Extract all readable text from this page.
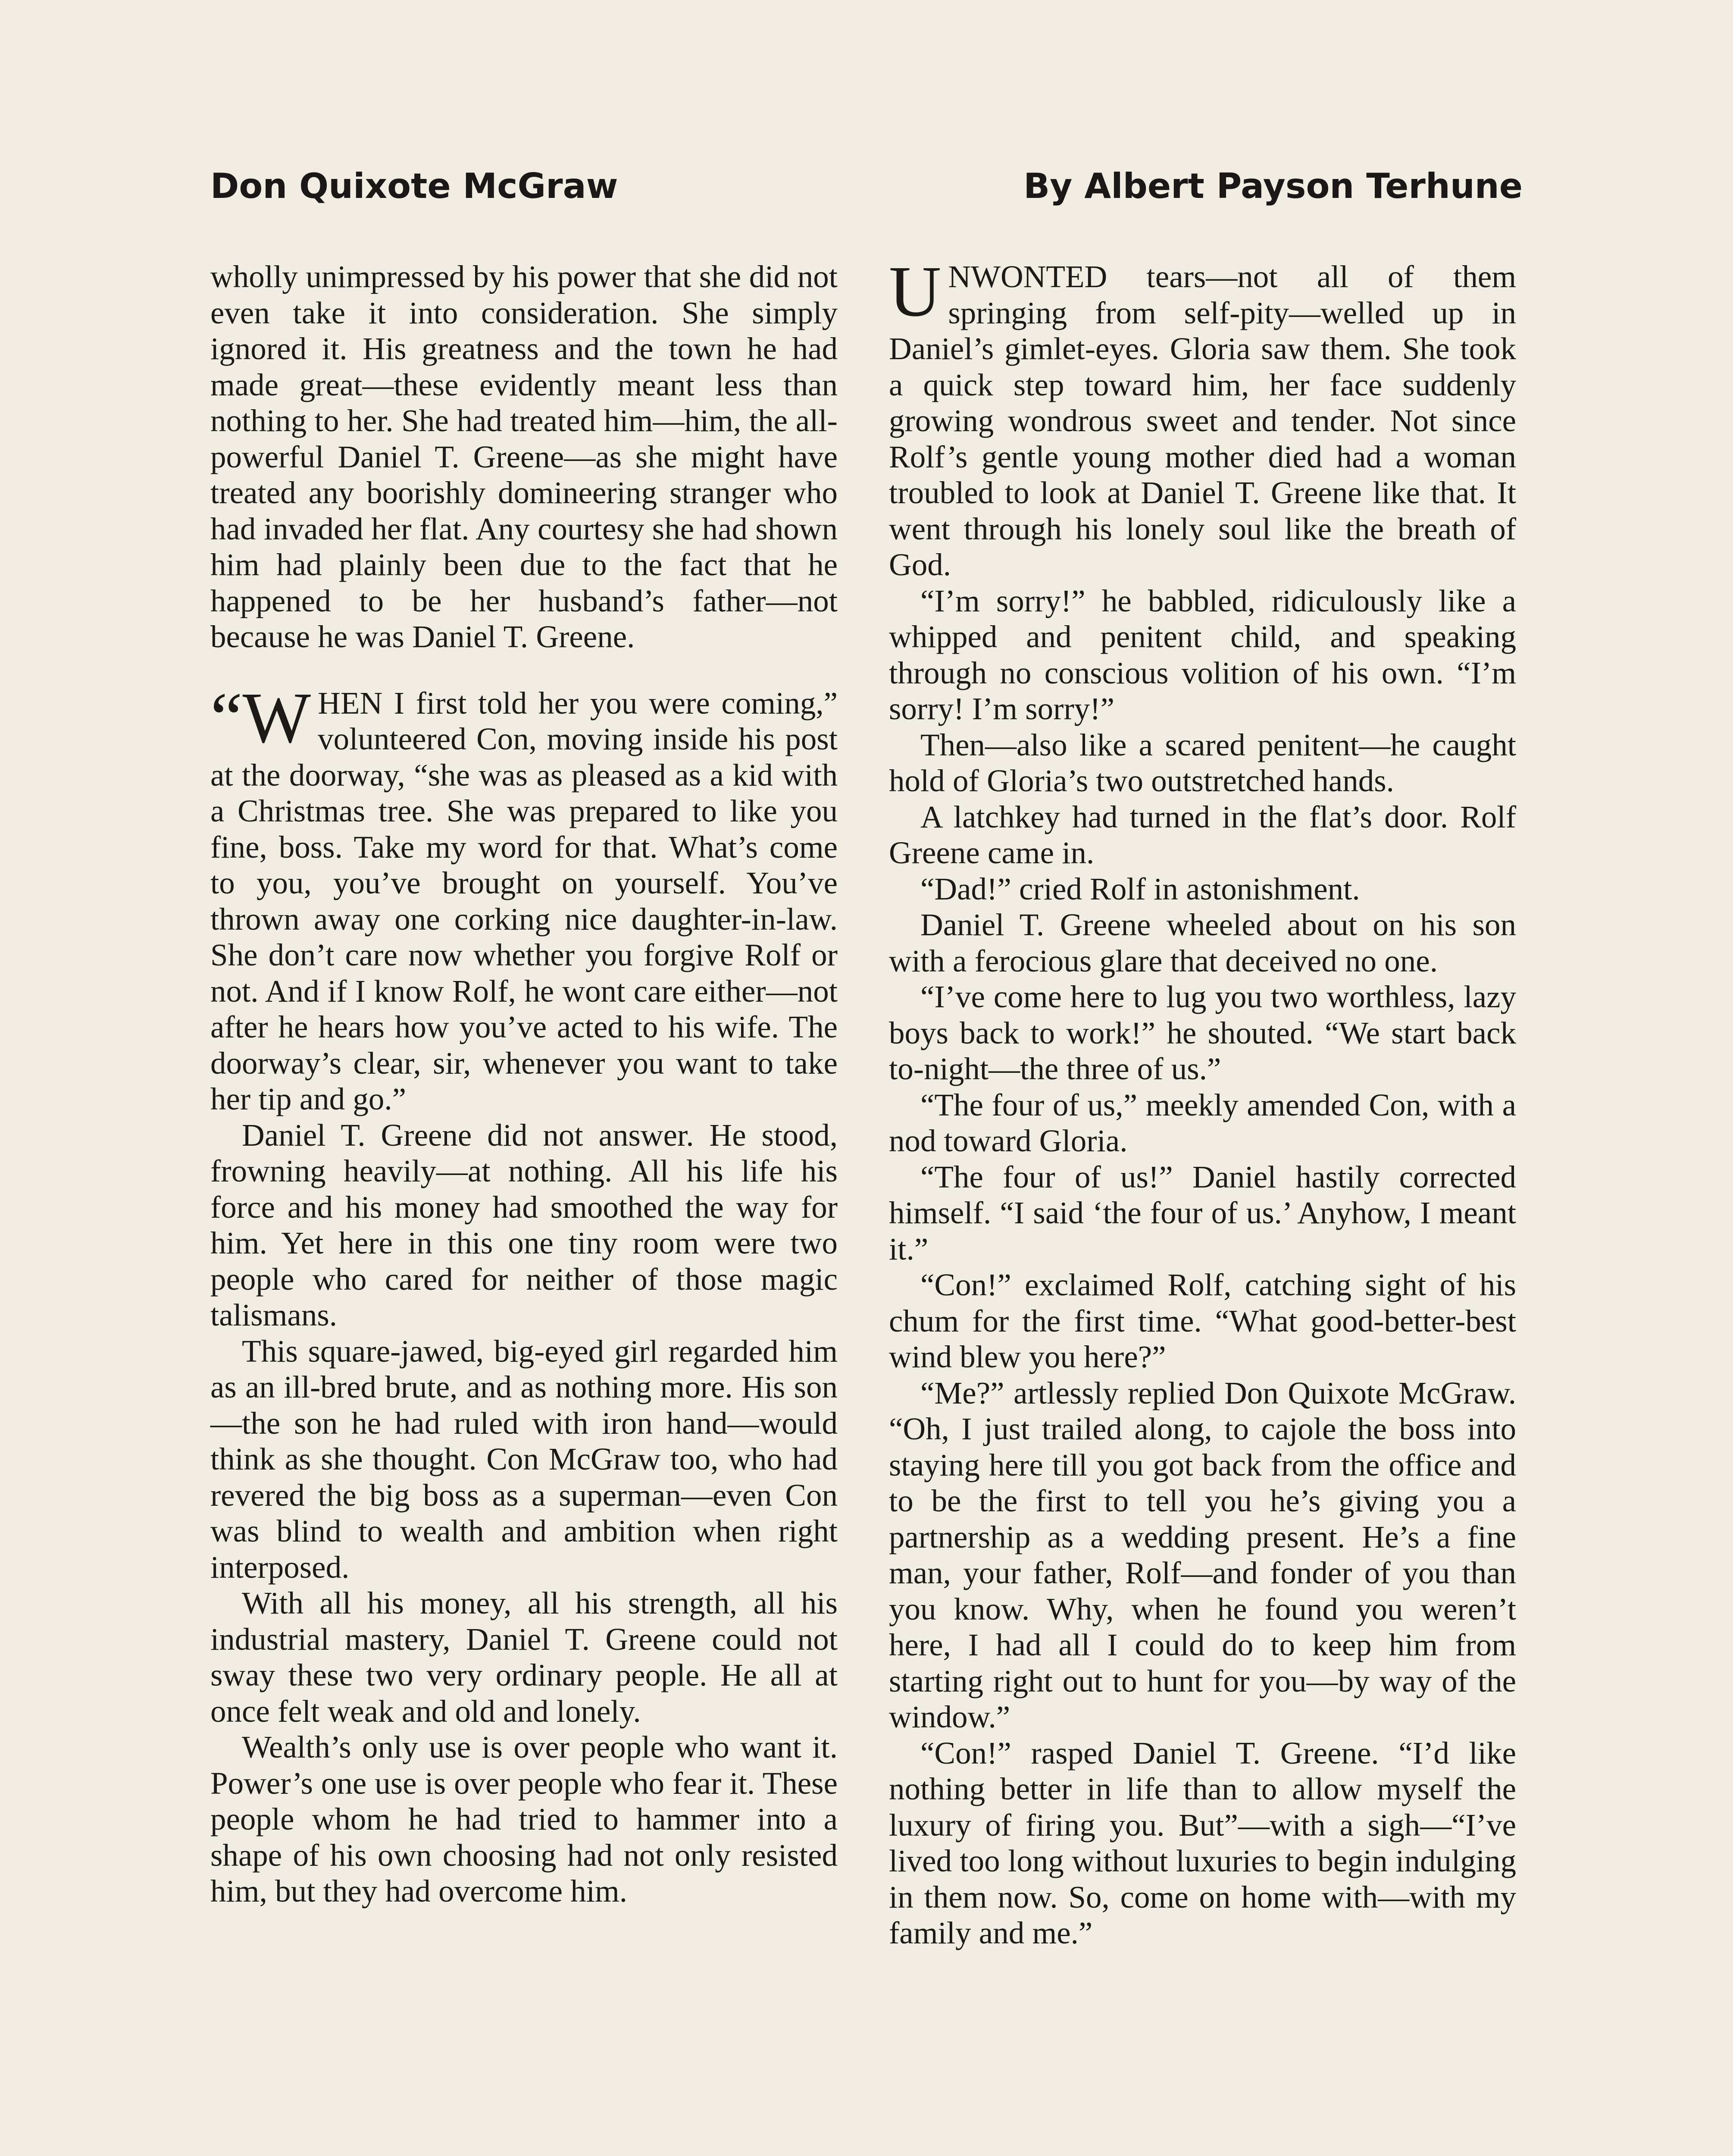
Don Quixote McGraw	By Albert Payson Terhune

wholly unimpressed by his power that she did not even take it into consideration. She simply ignored it. His greatness and the town he had made great—these evidently meant less than nothing to her. She had treated him—him, the all-powerful Daniel T. Greene—as she might have treated any boorishly domineering stranger who had invaded her flat. Any courtesy she had shown him had plainly been due to the fact that he happened to be her husband’s father—not because he was Daniel T. Greene.

“WHEN I first told her you were coming,” volunteered Con, moving inside his post at the doorway, “she was as pleased as a kid with a Christmas tree. She was prepared to like you fine, boss. Take my word for that. What’s come to you, you’ve brought on yourself. You’ve thrown away one corking nice daughter-in-law. She don’t care now whether you forgive Rolf or not. And if I know Rolf, he wont care either—not after he hears how you’ve acted to his wife. The doorway’s clear, sir, whenever you want to take her tip and go.”

Daniel T. Greene did not answer. He stood, frowning heavily—at nothing. All his life his force and his money had smoothed the way for him. Yet here in this one tiny room were two people who cared for neither of those magic talismans.

This square-jawed, big-eyed girl regarded him as an ill-bred brute, and as nothing more. His son—the son he had ruled with iron hand—would think as she thought. Con McGraw too, who had revered the big boss as a superman—even Con was blind to wealth and ambition when right interposed.

With all his money, all his strength, all his industrial mastery, Daniel T. Greene could not sway these two very ordinary people. He all at once felt weak and old and lonely.

Wealth’s only use is over people who want it. Power’s one use is over people who fear it. These people whom he had tried to hammer into a shape of his own choosing had not only resisted him, but they had overcome him.

UNWONTED tears—not all of them springing from self-pity—welled up in Daniel’s gimlet-eyes. Gloria saw them. She took a quick step toward him, her face suddenly growing wondrous sweet and tender. Not since Rolf’s gentle young mother died had a woman troubled to look at Daniel T. Greene like that. It went through his lonely soul like the breath of God.

“I’m sorry!” he babbled, ridiculously like a whipped and penitent child, and speaking through no conscious volition of his own. “I’m sorry! I’m sorry!”

Then—also like a scared penitent—he caught hold of Gloria’s two outstretched hands.

A latchkey had turned in the flat’s door. Rolf Greene came in.

“Dad!” cried Rolf in astonishment.

Daniel T. Greene wheeled about on his son with a ferocious glare that deceived no one.

“I’ve come here to lug you two worthless, lazy boys back to work!” he shouted. “We start back to-night—the three of us.”

“The four of us,” meekly amended Con, with a nod toward Gloria.

“The four of us!” Daniel hastily corrected himself. “I said ‘the four of us.’ Anyhow, I meant it.”

“Con!” exclaimed Rolf, catching sight of his chum for the first time. “What good-better-best wind blew you here?”

“Me?” artlessly replied Don Quixote McGraw. “Oh, I just trailed along, to cajole the boss into staying here till you got back from the office and to be the first to tell you he’s giving you a partnership as a wedding present. He’s a fine man, your father, Rolf—and fonder of you than you know. Why, when he found you weren’t here, I had all I could do to keep him from starting right out to hunt for you—by way of the window.”

“Con!” rasped Daniel T. Greene. “I’d like nothing better in life than to allow myself the luxury of firing you. But”—with a sigh—“I’ve lived too long without luxuries to begin indulging in them now. So, come on home with—with my family and me.”
